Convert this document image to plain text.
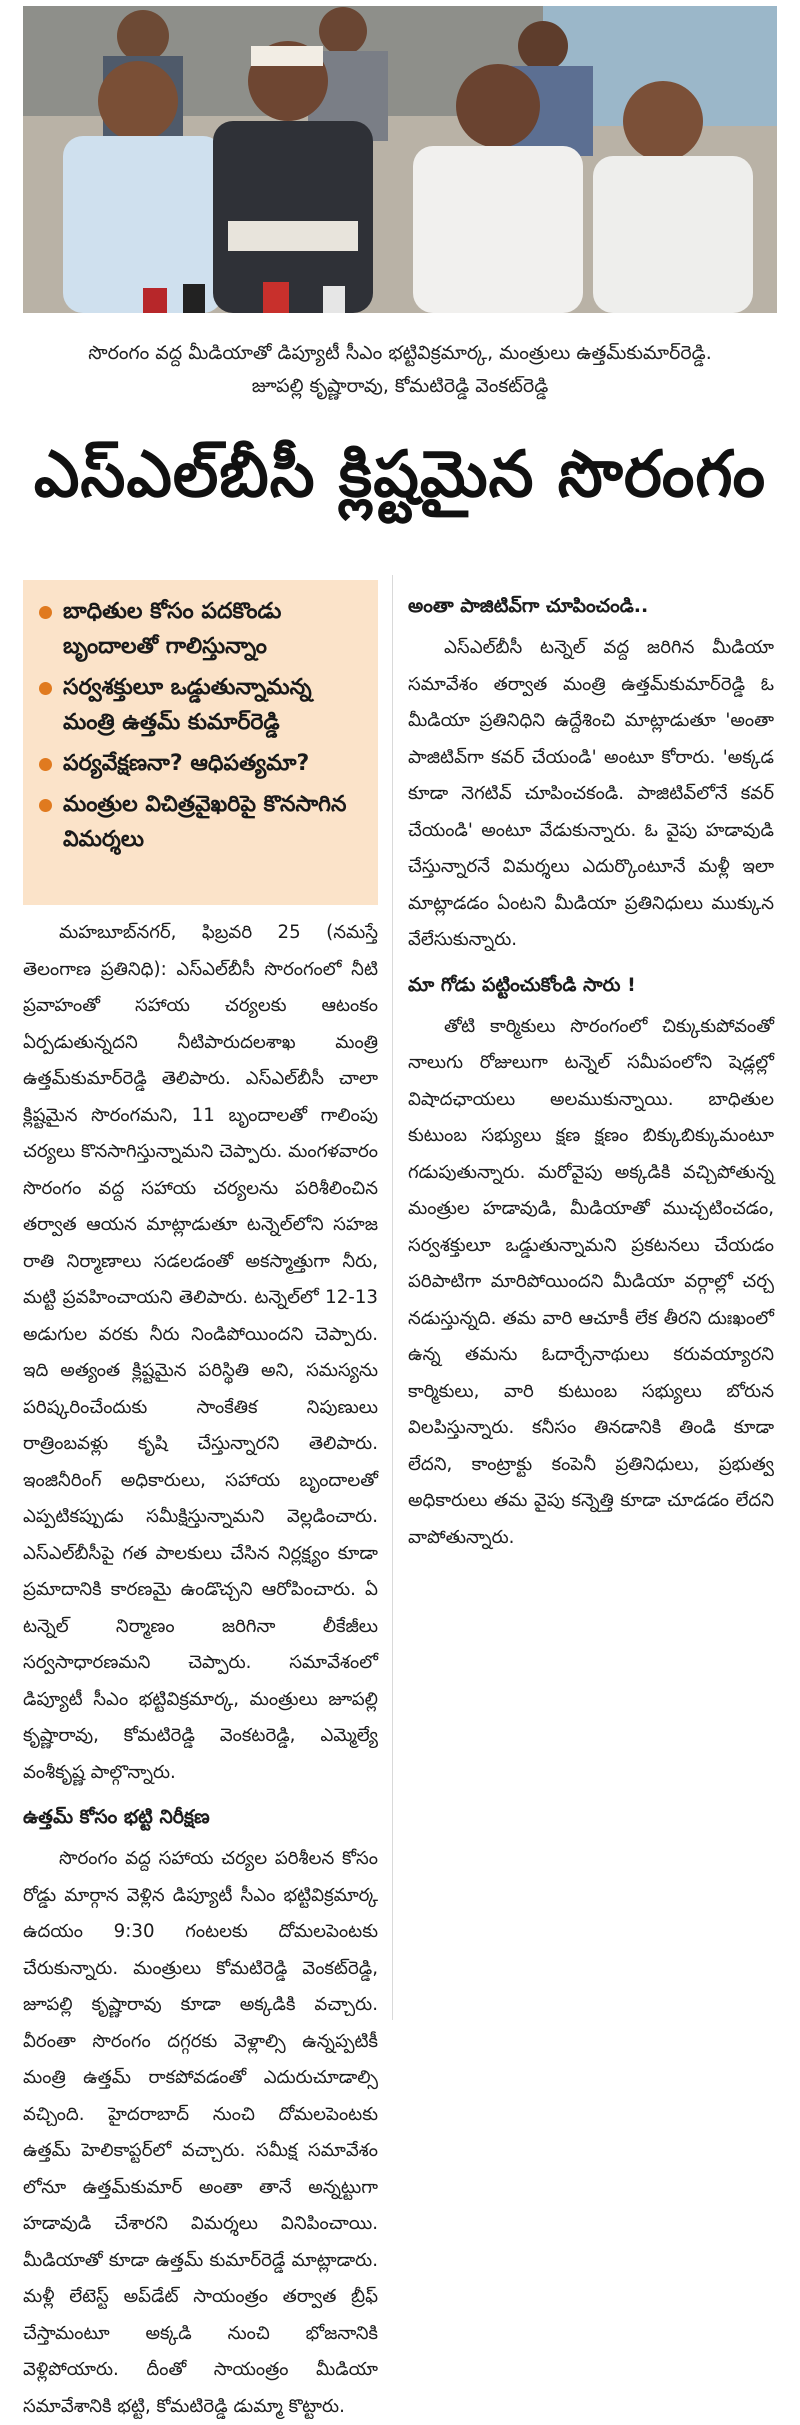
సొరంగం వద్ద మీడియాతో డిప్యూటీ సీఎం భట్టివిక్రమార్క, మంత్రులు ఉత్తమ్‌కుమార్‌రెడ్డి.
జూపల్లి కృష్ణారావు, కోమటిరెడ్డి వెంకట్‌రెడ్డి
ఎస్‌ఎల్‌బీసీ క్లిష్టమైన సొరంగం
బాధితుల కోసం పదకొండు బృందాలతో గాలిస్తున్నాం
సర్వశక్తులూ ఒడ్డుతున్నామన్న మంత్రి ఉత్తమ్ కుమార్‌రెడ్డి
పర్యవేక్షణనా? ఆధిపత్యమా?
మంత్రుల విచిత్రవైఖరిపై కొనసాగిన విమర్శలు

మహబూబ్‌నగర్, ఫిబ్రవరి 25 (నమస్తే తెలంగాణ ప్రతినిధి): ఎస్‌ఎల్‌బీసీ సొరంగంలో నీటి ప్రవాహంతో సహాయ చర్యలకు ఆటంకం ఏర్పడుతున్నదని నీటిపారుదలశాఖ మంత్రి ఉత్తమ్‌కుమార్‌రెడ్డి తెలిపారు. ఎస్‌ఎల్‌బీసీ చాలా క్లిష్టమైన సొరంగమని, 11 బృందాలతో గాలింపు చర్యలు కొనసాగిస్తున్నామని చెప్పారు. మంగళవారం సొరంగం వద్ద సహాయ చర్యలను పరిశీలించిన తర్వాత ఆయన మాట్లాడుతూ టన్నెల్‌లోని సహజ రాతి నిర్మాణాలు సడలడంతో అకస్మాత్తుగా నీరు, మట్టి ప్రవహించాయని తెలిపారు. టన్నెల్‌లో 12-13 అడుగుల వరకు నీరు నిండిపోయిందని చెప్పారు. ఇది అత్యంత క్లిష్టమైన పరిస్థితి అని, సమస్యను పరిష్కరించేందుకు సాంకేతిక నిపుణులు రాత్రింబవళ్లు కృషి చేస్తున్నారని తెలిపారు. ఇంజినీరింగ్ అధికారులు, సహాయ బృందాలతో ఎప్పటికప్పుడు సమీక్షిస్తున్నామని వెల్లడించారు. ఎస్‌ఎల్‌బీసీపై గత పాలకులు చేసిన నిర్లక్ష్యం కూడా ప్రమాదానికి కారణమై ఉండొచ్చని ఆరోపించారు. ఏ టన్నెల్ నిర్మాణం జరిగినా లీకేజీలు సర్వసాధారణమని చెప్పారు. సమావేశంలో డిప్యూటీ సీఎం భట్టివిక్రమార్క, మంత్రులు జూపల్లి కృష్ణారావు, కోమటిరెడ్డి వెంకటరెడ్డి, ఎమ్మెల్యే వంశీకృష్ణ పాల్గొన్నారు.

ఉత్తమ్ కోసం భట్టి నిరీక్షణ

సొరంగం వద్ద సహాయ చర్యల పరిశీలన కోసం రోడ్డు మార్గాన వెళ్లిన డిప్యూటీ సీఎం భట్టివిక్రమార్క ఉదయం 9:30 గంటలకు దోమలపెంటకు చేరుకున్నారు. మంత్రులు కోమటిరెడ్డి వెంకట్‌రెడ్డి, జూపల్లి కృష్ణారావు కూడా అక్కడికి వచ్చారు. వీరంతా సొరంగం దగ్గరకు వెళ్లాల్సి ఉన్నప్పటికీ మంత్రి ఉత్తమ్ రాకపోవడంతో ఎదురుచూడాల్సి వచ్చింది. హైదరాబాద్ నుంచి దోమలపెంటకు ఉత్తమ్ హెలికాప్టర్‌లో వచ్చారు. సమీక్ష సమావేశం లోనూ ఉత్తమ్‌కుమార్ అంతా తానే అన్నట్టుగా హడావుడి చేశారని విమర్శలు వినిపించాయి. మీడియాతో కూడా ఉత్తమ్ కుమార్‌రెడ్డే మాట్లాడారు. మళ్లీ లేటెస్ట్ అప్‌డేట్ సాయంత్రం తర్వాత బ్రీఫ్ చేస్తామంటూ అక్కడి నుంచి భోజనానికి వెళ్లిపోయారు. దీంతో సాయంత్రం మీడియా సమావేశానికి భట్టి, కోమటిరెడ్డి డుమ్మా కొట్టారు.

అంతా పాజిటివ్‌గా చూపించండి..

ఎస్‌ఎల్‌బీసీ టన్నెల్ వద్ద జరిగిన మీడియా సమావేశం తర్వాత మంత్రి ఉత్తమ్‌కుమార్‌రెడ్డి ఓ మీడియా ప్రతినిధిని ఉద్దేశించి మాట్లాడుతూ 'అంతా పాజిటివ్‌గా కవర్ చేయండి' అంటూ కోరారు. 'అక్కడ కూడా నెగటివ్ చూపించకండి. పాజిటివ్‌లోనే కవర్ చేయండి' అంటూ వేడుకున్నారు. ఓ వైపు హడావుడి చేస్తున్నారనే విమర్శలు ఎదుర్కొంటూనే మళ్లీ ఇలా మాట్లాడడం ఏంటని మీడియా ప్రతినిధులు ముక్కున వేలేసుకున్నారు.

మా గోడు పట్టించుకోండి సారు !

తోటి కార్మికులు సొరంగంలో చిక్కుకుపోవంతో నాలుగు రోజులుగా టన్నెల్ సమీపంలోని షెడ్లల్లో విషాదఛాయలు అలముకున్నాయి. బాధితుల కుటుంబ సభ్యులు క్షణ క్షణం బిక్కుబిక్కుమంటూ గడుపుతున్నారు. మరోవైపు అక్కడికి వచ్చిపోతున్న మంత్రుల హడావుడి, మీడియాతో ముచ్చటించడం, సర్వశక్తులూ ఒడ్డుతున్నామని ప్రకటనలు చేయడం పరిపాటిగా మారిపోయిందని మీడియా వర్గాల్లో చర్చ నడుస్తున్నది. తమ వారి ఆచూకీ లేక తీరని దుఃఖంలో ఉన్న తమను ఓదార్చేనాథులు కరువయ్యారని కార్మికులు, వారి కుటుంబ సభ్యులు బోరున విలపిస్తున్నారు. కనీసం తినడానికి తిండి కూడా లేదని, కాంట్రాక్టు కంపెనీ ప్రతినిధులు, ప్రభుత్వ అధికారులు తమ వైపు కన్నెత్తి కూడా చూడడం లేదని వాపోతున్నారు.
